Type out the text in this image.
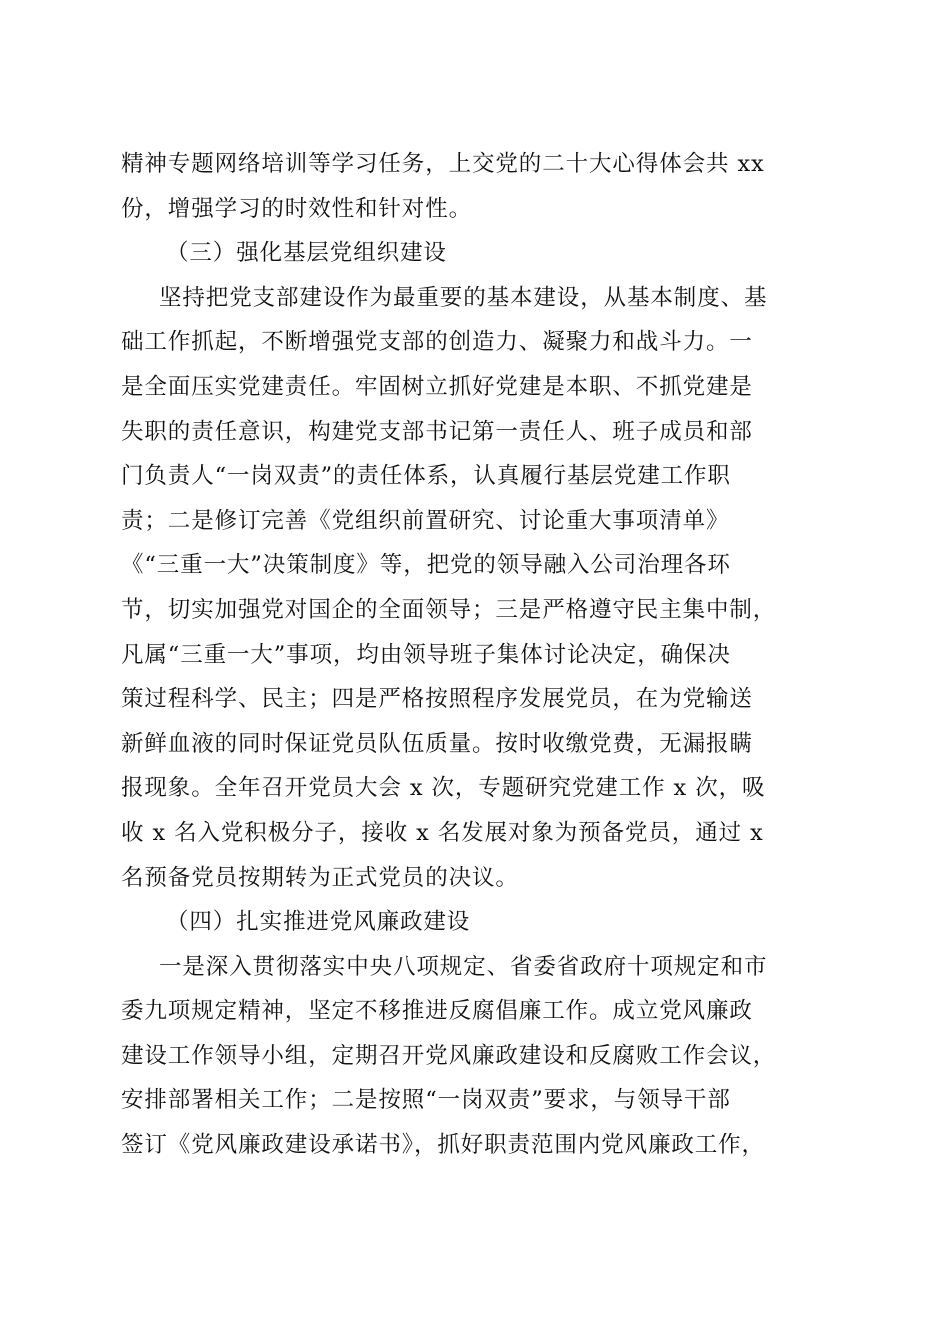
精神专题网络培训等学习任务，上交党的二十大心得体会共 xx
份，增强学习的时效性和针对性。
（三）强化基层党组织建设
坚持把党支部建设作为最重要的基本建设，从基本制度、基
础工作抓起，不断增强党支部的创造力、凝聚力和战斗力。一
是全面压实党建责任。牢固树立抓好党建是本职、不抓党建是
失职的责任意识，构建党支部书记第一责任人、班子成员和部
门负责人“一岗双责”的责任体系，认真履行基层党建工作职
责；二是修订完善《党组织前置研究、讨论重大事项清单》
《“三重一大”决策制度》等，把党的领导融入公司治理各环
节，切实加强党对国企的全面领导；三是严格遵守民主集中制，
凡属“三重一大”事项，均由领导班子集体讨论决定，确保决
策过程科学、民主；四是严格按照程序发展党员，在为党输送
新鲜血液的同时保证党员队伍质量。按时收缴党费，无漏报瞒
报现象。全年召开党员大会 x 次，专题研究党建工作 x 次，吸
收 x 名入党积极分子，接收 x 名发展对象为预备党员，通过 x
名预备党员按期转为正式党员的决议。
（四）扎实推进党风廉政建设
一是深入贯彻落实中央八项规定、省委省政府十项规定和市
委九项规定精神，坚定不移推进反腐倡廉工作。成立党风廉政
建设工作领导小组，定期召开党风廉政建设和反腐败工作会议，
安排部署相关工作；二是按照“一岗双责”要求，与领导干部
签订《党风廉政建设承诺书》，抓好职责范围内党风廉政工作，
